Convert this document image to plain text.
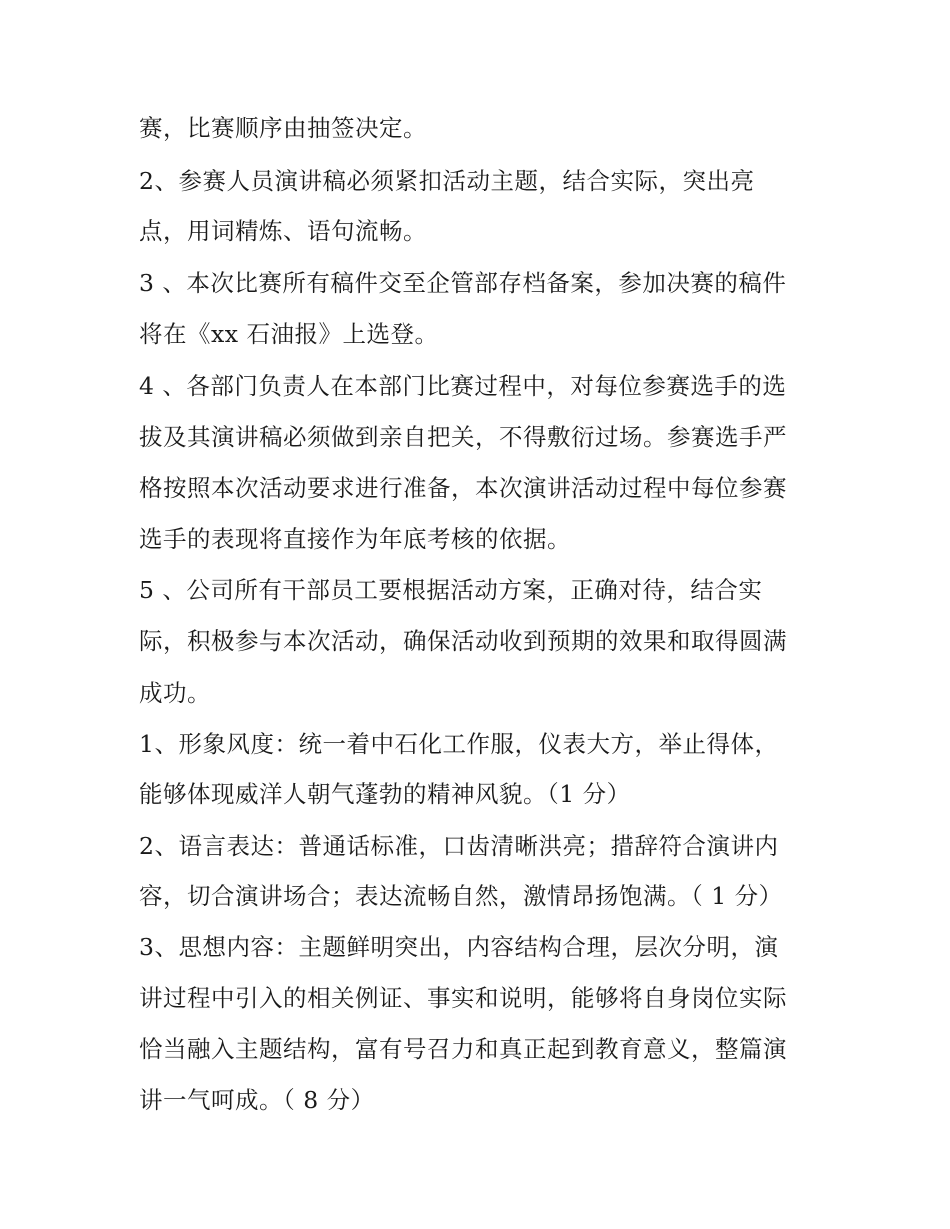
赛，比赛顺序由抽签决定。
2、参赛人员演讲稿必须紧扣活动主题，结合实际，突出亮
点，用词精炼、语句流畅。
3 、本次比赛所有稿件交至企管部存档备案，参加决赛的稿件
将在《xx 石油报》上选登。
4 、各部门负责人在本部门比赛过程中，对每位参赛选手的选
拔及其演讲稿必须做到亲自把关，不得敷衍过场。参赛选手严
格按照本次活动要求进行准备，本次演讲活动过程中每位参赛
选手的表现将直接作为年底考核的依据。
5 、公司所有干部员工要根据活动方案，正确对待，结合实
际，积极参与本次活动，确保活动收到预期的效果和取得圆满
成功。
1、形象风度：统一着中石化工作服，仪表大方，举止得体，
能够体现威洋人朝气蓬勃的精神风貌。（1 分）
2、语言表达：普通话标准，口齿清晰洪亮；措辞符合演讲内
容，切合演讲场合；表达流畅自然，激情昂扬饱满。（ 1 分）
3、思想内容：主题鲜明突出，内容结构合理，层次分明，演
讲过程中引入的相关例证、事实和说明，能够将自身岗位实际
恰当融入主题结构，富有号召力和真正起到教育意义，整篇演
讲一气呵成。（ 8 分）
